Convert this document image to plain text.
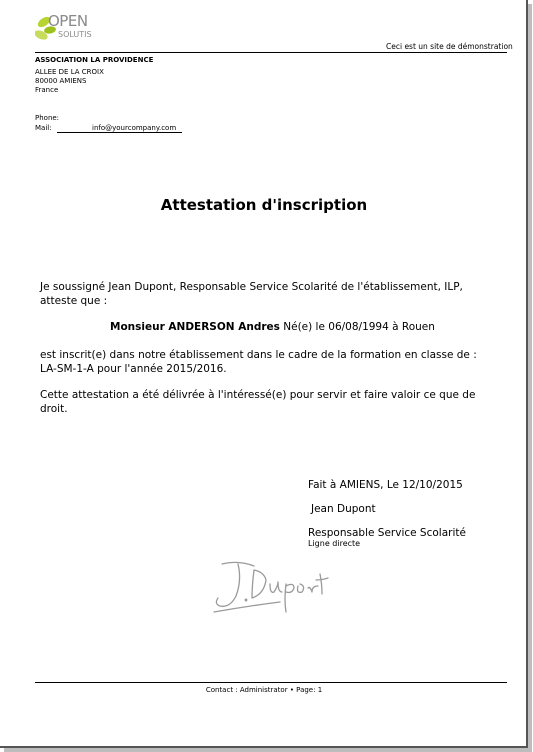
OPEN
SOLUTIS
Ceci est un site de démonstration
ASSOCIATION LA PROVIDENCE
ALLEE DE LA CROIX
80000 AMIENS
France
Phone:
Mail:	info@yourcompany.com
Attestation d'inscription
Je soussigné Jean Dupont, Responsable Service Scolarité de l'établissement, ILP,
atteste que :
Monsieur ANDERSON Andres Né(e) le 06/08/1994 à Rouen
est inscrit(e) dans notre établissement dans le cadre de la formation en classe de :
LA-SM-1-A pour l'année 2015/2016.
Cette attestation a été délivrée à l'intéressé(e) pour servir et faire valoir ce que de
droit.
Fait à AMIENS, Le 12/10/2015
Jean Dupont
Responsable Service Scolarité
Ligne directe
Contact : Administrator • Page: 1
